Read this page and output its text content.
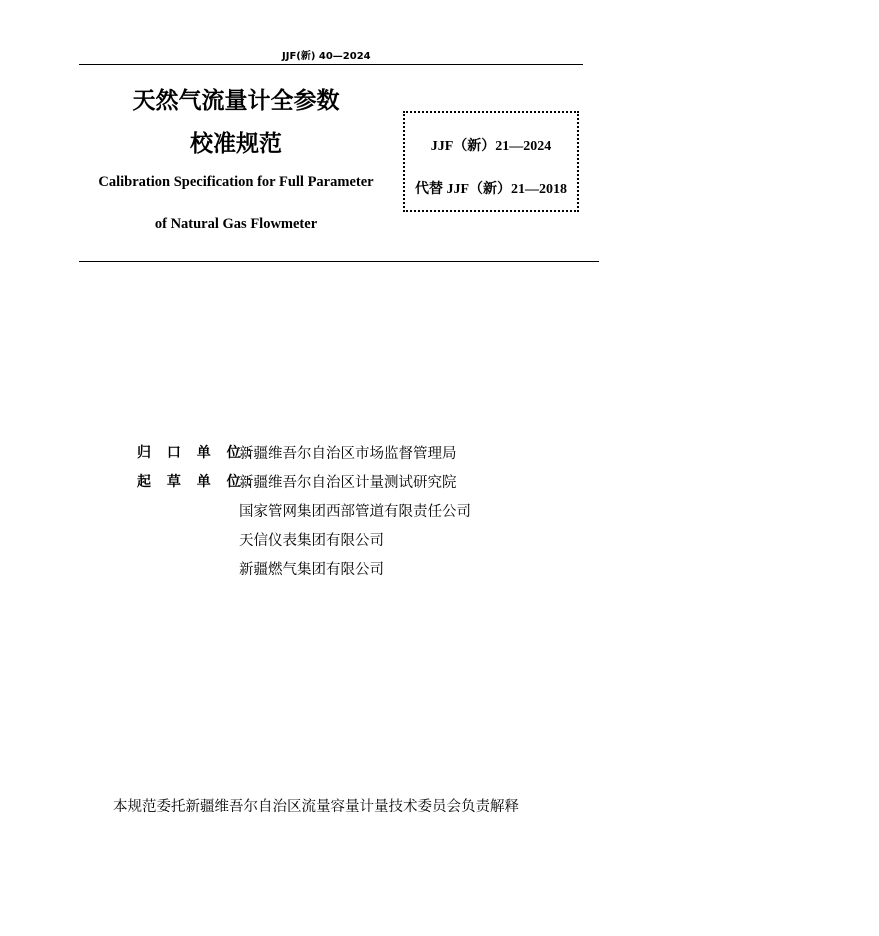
JJF(新) 40—2024
天然气流量计全参数
校准规范
Calibration Specification for Full Parameter
of Natural Gas Flowmeter
JJF（新）21—2024
代替 JJF（新）21—2018
归 口 单 位：
新疆维吾尔自治区市场监督管理局
起 草 单 位：
新疆维吾尔自治区计量测试研究院
国家管网集团西部管道有限责任公司
天信仪表集团有限公司
新疆燃气集团有限公司
本规范委托新疆维吾尔自治区流量容量计量技术委员会负责解释
